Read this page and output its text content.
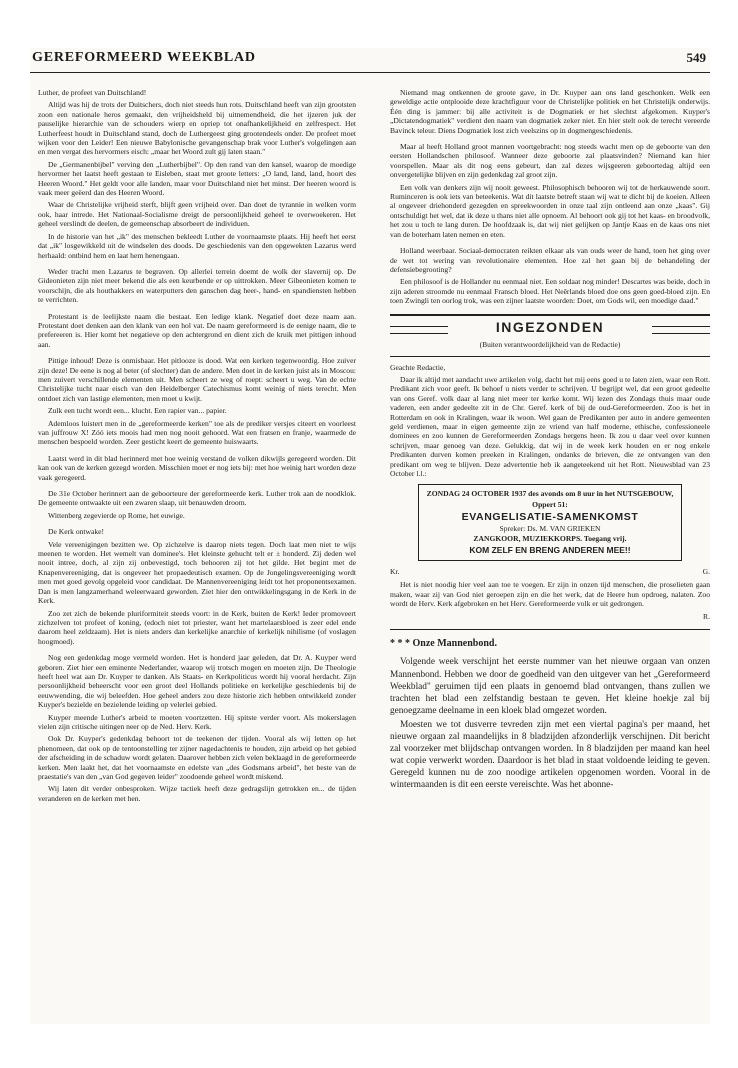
GEREFORMEERD WEEKBLAD	549

Luther, de profeet van Duitschland!

Altijd was hij de trots der Duitschers, doch niet steeds hun rots. Duitschland heeft van zijn grootsten zoon een nationale heros gemaakt, den vrijheidsheld bij uitnemendheid, die het ijzeren juk der pauselijke hierarchie van de schouders wierp en opriep tot onafhankelijkheid en zelfrespect. Het Lutherfeest houdt in Duitschland stand, doch de Luthergeest ging grootendeels onder. De profeet moet wijken voor den Leider! Een nieuwe Babylonische gevangenschap brak voor Luther's volgelingen aan en men vergat des hervormers eisch: „maar het Woord zult gij laten staan."

De „Germanenbijbel" verving den „Lutherbijbel". Op den rand van den kansel, waarop de moedige hervormer het laatst heeft gestaan te Eisleben, staat met groote letters: „O land, land, land, hoort des Heeren Woord." Het geldt voor alle landen, maar voor Duitschland niet het minst. Der heeren woord is vaak meer geëerd dan des Heeren Woord.

Waar de Christelijke vrijheid sterft, blijft geen vrijheid over. Dan doet de tyrannie in welken vorm ook, haar intrede. Het Nationaal-Socialisme dreigt de persoonlijkheid geheel te overwoekeren. Het geheel verslindt de deelen, de gemeenschap absorbeert de individuen.

In de historie van het „ik" des menschen bekleedt Luther de voornaamste plaats. Hij heeft het eerst dat „ik" losgewikkeld uit de windselen des doods. De geschiedenis van den opgewekten Lazarus werd herhaald: ontbind hem en laat hem henengaan.

Weder tracht men Lazarus te begraven. Op allerlei terrein doemt de wolk der slavernij op. De Gideonieten zijn niet meer bekend die als een keurbende er op uittrokken. Meer Gibeonieten komen te voorschijn, die als houthakkers en waterputters den ganschen dag heer-, hand- en spandiensten hebben te verrichten.

Protestant is de leelijkste naam die bestaat. Een ledige klank. Negatief doet deze naam aan. Protestant doet denken aan den klank van een hol vat. De naam gereformeerd is de eenige naam, die te prefereeren is. Hier komt het negatieve op den achtergrond en dient zich de kruik met pittigen inhoud aan.

Pittige inhoud! Deze is onmisbaar. Het pitlooze is dood. Wat een kerken tegenwoordig. Hoe zuiver zijn deze! De eene is nog al beter (of slechter) dan de andere. Men doet in de kerken juist als in Moscou: men zuivert verschillende elementen uit. Men scheert ze weg of roept: scheert u weg. Van de echte Christelijke tucht naar eisch van den Heidelberger Catechismus komt weinig of niets terecht. Men ontdoet zich van lastige elementen, men moet u kwijt.

Zulk een tucht wordt een... klucht. Een rapier van... papier.

Ademloos luistert men in de „gereformeerde kerken" toe als de prediker versjes citeert en voorleest van juffrouw X! Zóó iets moois had men nog nooit gehoord. Wat een fratsen en franje, waarmede de menschen bespoeld worden. Zeer gesticht keert de gemeente huiswaarts.

Laatst werd in dit blad herinnerd met hoe weinig verstand de volken dikwijls geregeerd worden. Dit kan ook van de kerken gezegd worden. Misschien moet er nog iets bij: met hoe weinig hart worden deze vaak geregeerd.

De 31e October herinnert aan de geboorteure der gereformeerde kerk. Luther trok aan de noodklok. De gemeente ontwaakte uit een zwaren slaap, uit benauwden droom.

Wittenberg zegevierde op Rome, het euwige.

De Kerk ontwake!

Vele vereenigingen bezitten we. Op zichzelve is daarop niets tegen. Doch laat men niet te wijs meenen te worden. Het wemelt van dominee's. Het kleinste gehucht telt er ± honderd. Zij deden wel nooit intree, doch, al zijn zij onbevestigd, toch behooren zij tot het gilde. Het begint met de Knapenvereeniging, dat is ongeveer het propaedeutisch examen. Op de Jongelingsvereeniging wordt men met goed gevolg opgeleid voor candidaat. De Mannenvereeniging leidt tot het proponentsexamen. Dan is men langzamerhand weleerwaard geworden. Ziet hier den ontwikkelingsgang in de Kerk in de Kerk.

Zoo zet zich de bekende pluriformiteit steeds voort: in de Kerk, buiten de Kerk! Ieder promoveert zichzelven tot profeet of koning, (edoch niet tot priester, want het martelaarsbloed is zeer edel ende daarom heel zeldzaam). Het is niets anders dan kerkelijke anarchie of kerkelijk nihilisme (of voslagen hoogmoed).

Nog een gedenkdag moge vermeld worden. Het is honderd jaar geleden, dat Dr. A. Kuyper werd geboren. Ziet hier een eminente Nederlander, waarop wij trotsch mogen en moeten zijn. De Theologie heeft heel wat aan Dr. Kuyper te danken. Als Staats- en Kerkpoliticus wordt hij vooral herdacht. Zijn persoonlijkheid beheerscht voor een groot deel Hollands politieke en kerkelijke geschiedenis bij de eeuwwending, die wij beleefden. Hoe geheel anders zou deze historie zich hebben ontwikkeld zonder Kuyper's bezielde en bezielende leiding op velerlei gebied.

Kuyper meende Luther's arbeid te moeten voortzetten. Hij spitste verder voort. Als mokerslagen vielen zijn critische uitingen neer op de Ned. Herv. Kerk.

Ook Dr. Kuyper's gedenkdag behoort tot de teekenen der tijden. Vooral als wij letten op het phenomeen, dat ook op de tentoonstelling ter zijner nagedachtenis te houden, zijn arbeid op het gebied der afscheiding in de schaduw wordt gelaten. Daarover hebben zich velen beklaagd in de gereformeerde kerken. Men laakt het, dat het voornaamste en edelste van „des Godsmans arbeid", het beste van de praestatie's van den „van God gegeven leider" zoodoende geheel wordt miskend.

Wij laten dit verder onbesproken. Wijze tactiek heeft deze gedragslijn getrokken en... de tijden veranderen en de kerken met hen.

Niemand mag ontkennen de groote gave, in Dr. Kuyper aan ons land geschonken. Welk een geweldige actie ontplooide deze krachtfiguur voor de Christelijke politiek en het Christelijk onderwijs. Één ding is jammer: bij alle activiteit is de Dogmatiek er het slechtst afgekomen. Kuyper's „Dictatendogmatiek" verdient den naam van dogmatiek zeker niet. En hier stelt ook de terecht vereerde Bavinck teleur. Diens Dogmatiek lost zich veelszins op in dogmengeschiedenis.

Maar al heeft Holland groot mannen voortgebracht: nog steeds wacht men op de geboorte van den eersten Hollandschen philosoof. Wanneer deze geboorte zal plaatsvinden? Niemand kan hier voorspellen. Maar als dit nog eens gebeurt, dan zal dezes wijsgeeren geboortedag altijd een onvergetelijke blijven en zijn gedenkdag zal groot zijn.

Een volk van denkers zijn wij nooit geweest. Philosophisch behooren wij tot de herkauwende soort. Ruminceren is ook iets van beteekenis. Wat dit laatste betreft staan wij wat te dicht bij de koeien. Alleen al ongeveer driehonderd gezegden en spreekwoorden in onze taal zijn ontleend aan onze „kaas". Gij ontschuldigt het wel, dat ik deze u thans niet alle opnoem. Al behoort ook gij tot het kaas- en broodvolk, het zou u toch te lang duren. De hoofdzaak is, dat wij niet gelijken op Jantje Kaas en de kaas ons niet van de boterham laten nemen en eten.

Holland weerbaar. Sociaal-democraten reikten elkaar als van ouds weer de hand, toen het ging over de wet tot wering van revolutionaire elementen. Hoe zal het gaan bij de behandeling der defensiebegrooting?

Een philosoof is de Hollander nu eenmaal niet. Een soldaat nog minder! Descartes was beide, doch in zijn aderen stroomde nu eenmaal Fransch bloed. Het Neêrlands bloed doe ons geen goed-bloed zijn. En toen Zwingli ten oorlog trok, was een zijner laatste woorden: Doet, om Gods wil, een moedige daad."

INGEZONDEN
(Buiten verantwoordelijkheid van de Redactie)

Geachte Redactie,

Daar ik altijd met aandacht uwe artikelen volg, dacht het mij eens goed u te laten zien, waar een Rott. Predikant zich voor geeft. Ik behoef u niets verder te schrijven. U begrijpt wel, dat een groot gedeelte van ons Geref. volk daar al lang niet meer ter kerke komt. Wij lezen des Zondags thuis maar oude vaderen, een ander gedeelte zit in de Chr. Geref. kerk of bij de oud-Gereformeerden. Zoo is het in Rotterdam en ook in Kralingen, waar ik woon. Wel gaan de Predikanten per auto in andere gemeenten geld verdienen, maar in eigen gemeente zijn ze vriend van half moderne, ethische, confessioneele dominees en zoo kunnen de Gereformeerden Zondags hergens heen. Ik zou u daar veel over kunnen schrijven, maar genoeg van deze. Gelukkig, dat wij in de week kerk houden en er nog enkele Predikanten durven komen preeken in Kralingen, ondanks de brieven, die ze ontvangen van den predikant om weg te blijven. Deze advertentie heb ik aangeteekend uit het Rott. Nieuwsblad van 23 October l.l.:

ZONDAG 24 OCTOBER 1937 des avonds om 8 uur in het NUTSGEBOUW, Oppert 51:
EVANGELISATIE-SAMENKOMST
Spreker: Ds. M. VAN GRIEKEN
ZANGKOOR, MUZIEKKORPS. Toegang vrij.
KOM ZELF EN BRENG ANDEREN MEE!!
Kr.	G.

Het is niet noodig hier veel aan toe te voegen. Er zijn in onzen tijd menschen, die proselieten gaan maken, waar zij van God niet geroepen zijn en die het werk, dat de Heere hun opdroeg, nalaten. Zoo wordt de Herv. Kerk afgebroken en het Herv. Gereformeerde volk er uit gedrongen.

R.
* * * Onze Mannenbond.

Volgende week verschijnt het eerste nummer van het nieuwe orgaan van onzen Mannenbond. Hebben we door de goedheid van den uitgever van het „Gereformeerd Weekblad" geruimen tijd een plaats in genoemd blad ontvangen, thans zullen we trachten het blad een zelfstandig bestaan te geven. Het kleine hoekje zal bij genoegzame deelname in een kloek blad omgezet worden.

Moesten we tot dusverre tevreden zijn met een viertal pagina's per maand, het nieuwe orgaan zal maandelijks in 8 bladzijden afzonderlijk verschijnen. Dit bericht zal voorzeker met blijdschap ontvangen worden. In 8 bladzijden per maand kan heel wat copie verwerkt worden. Daardoor is het blad in staat voldoende leiding te geven. Geregeld kunnen nu de zoo noodige artikelen opgenomen worden. Vooral in de wintermaanden is dit een eerste vereischte. Was het abonne-
